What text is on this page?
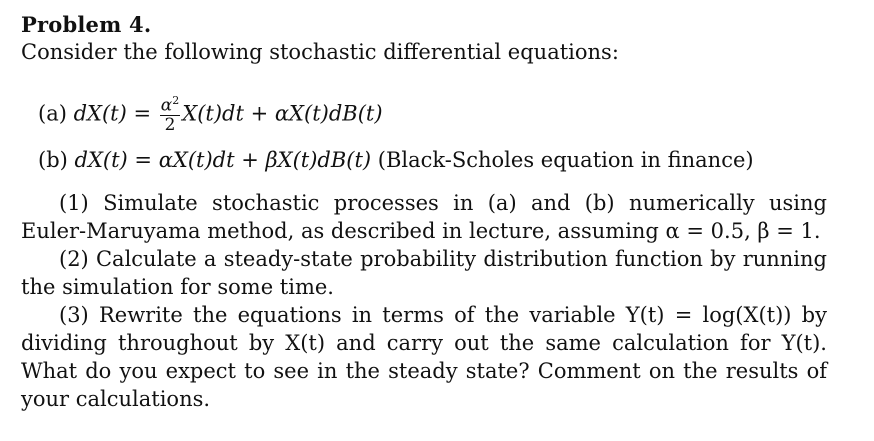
Problem 4.
Consider the following stochastic differential equations:
(a) $dX(t) = \frac{\alpha^2}{2} X(t)dt + \alpha X(t)dB(t)$
(b) dX(t) = αX(t)dt + βX(t)dB(t) (Black-Scholes equation in finance)
(1) Simulate stochastic processes in (a) and (b) numerically using Euler-Maruyama method, as described in lecture, assuming α = 0.5, β = 1.
(2) Calculate a steady-state probability distribution function by running the simulation for some time.
(3) Rewrite the equations in terms of the variable Y(t) = log(X(t)) by dividing throughout by X(t) and carry out the same calculation for Y(t). What do you expect to see in the steady state? Comment on the results of your calculations.
